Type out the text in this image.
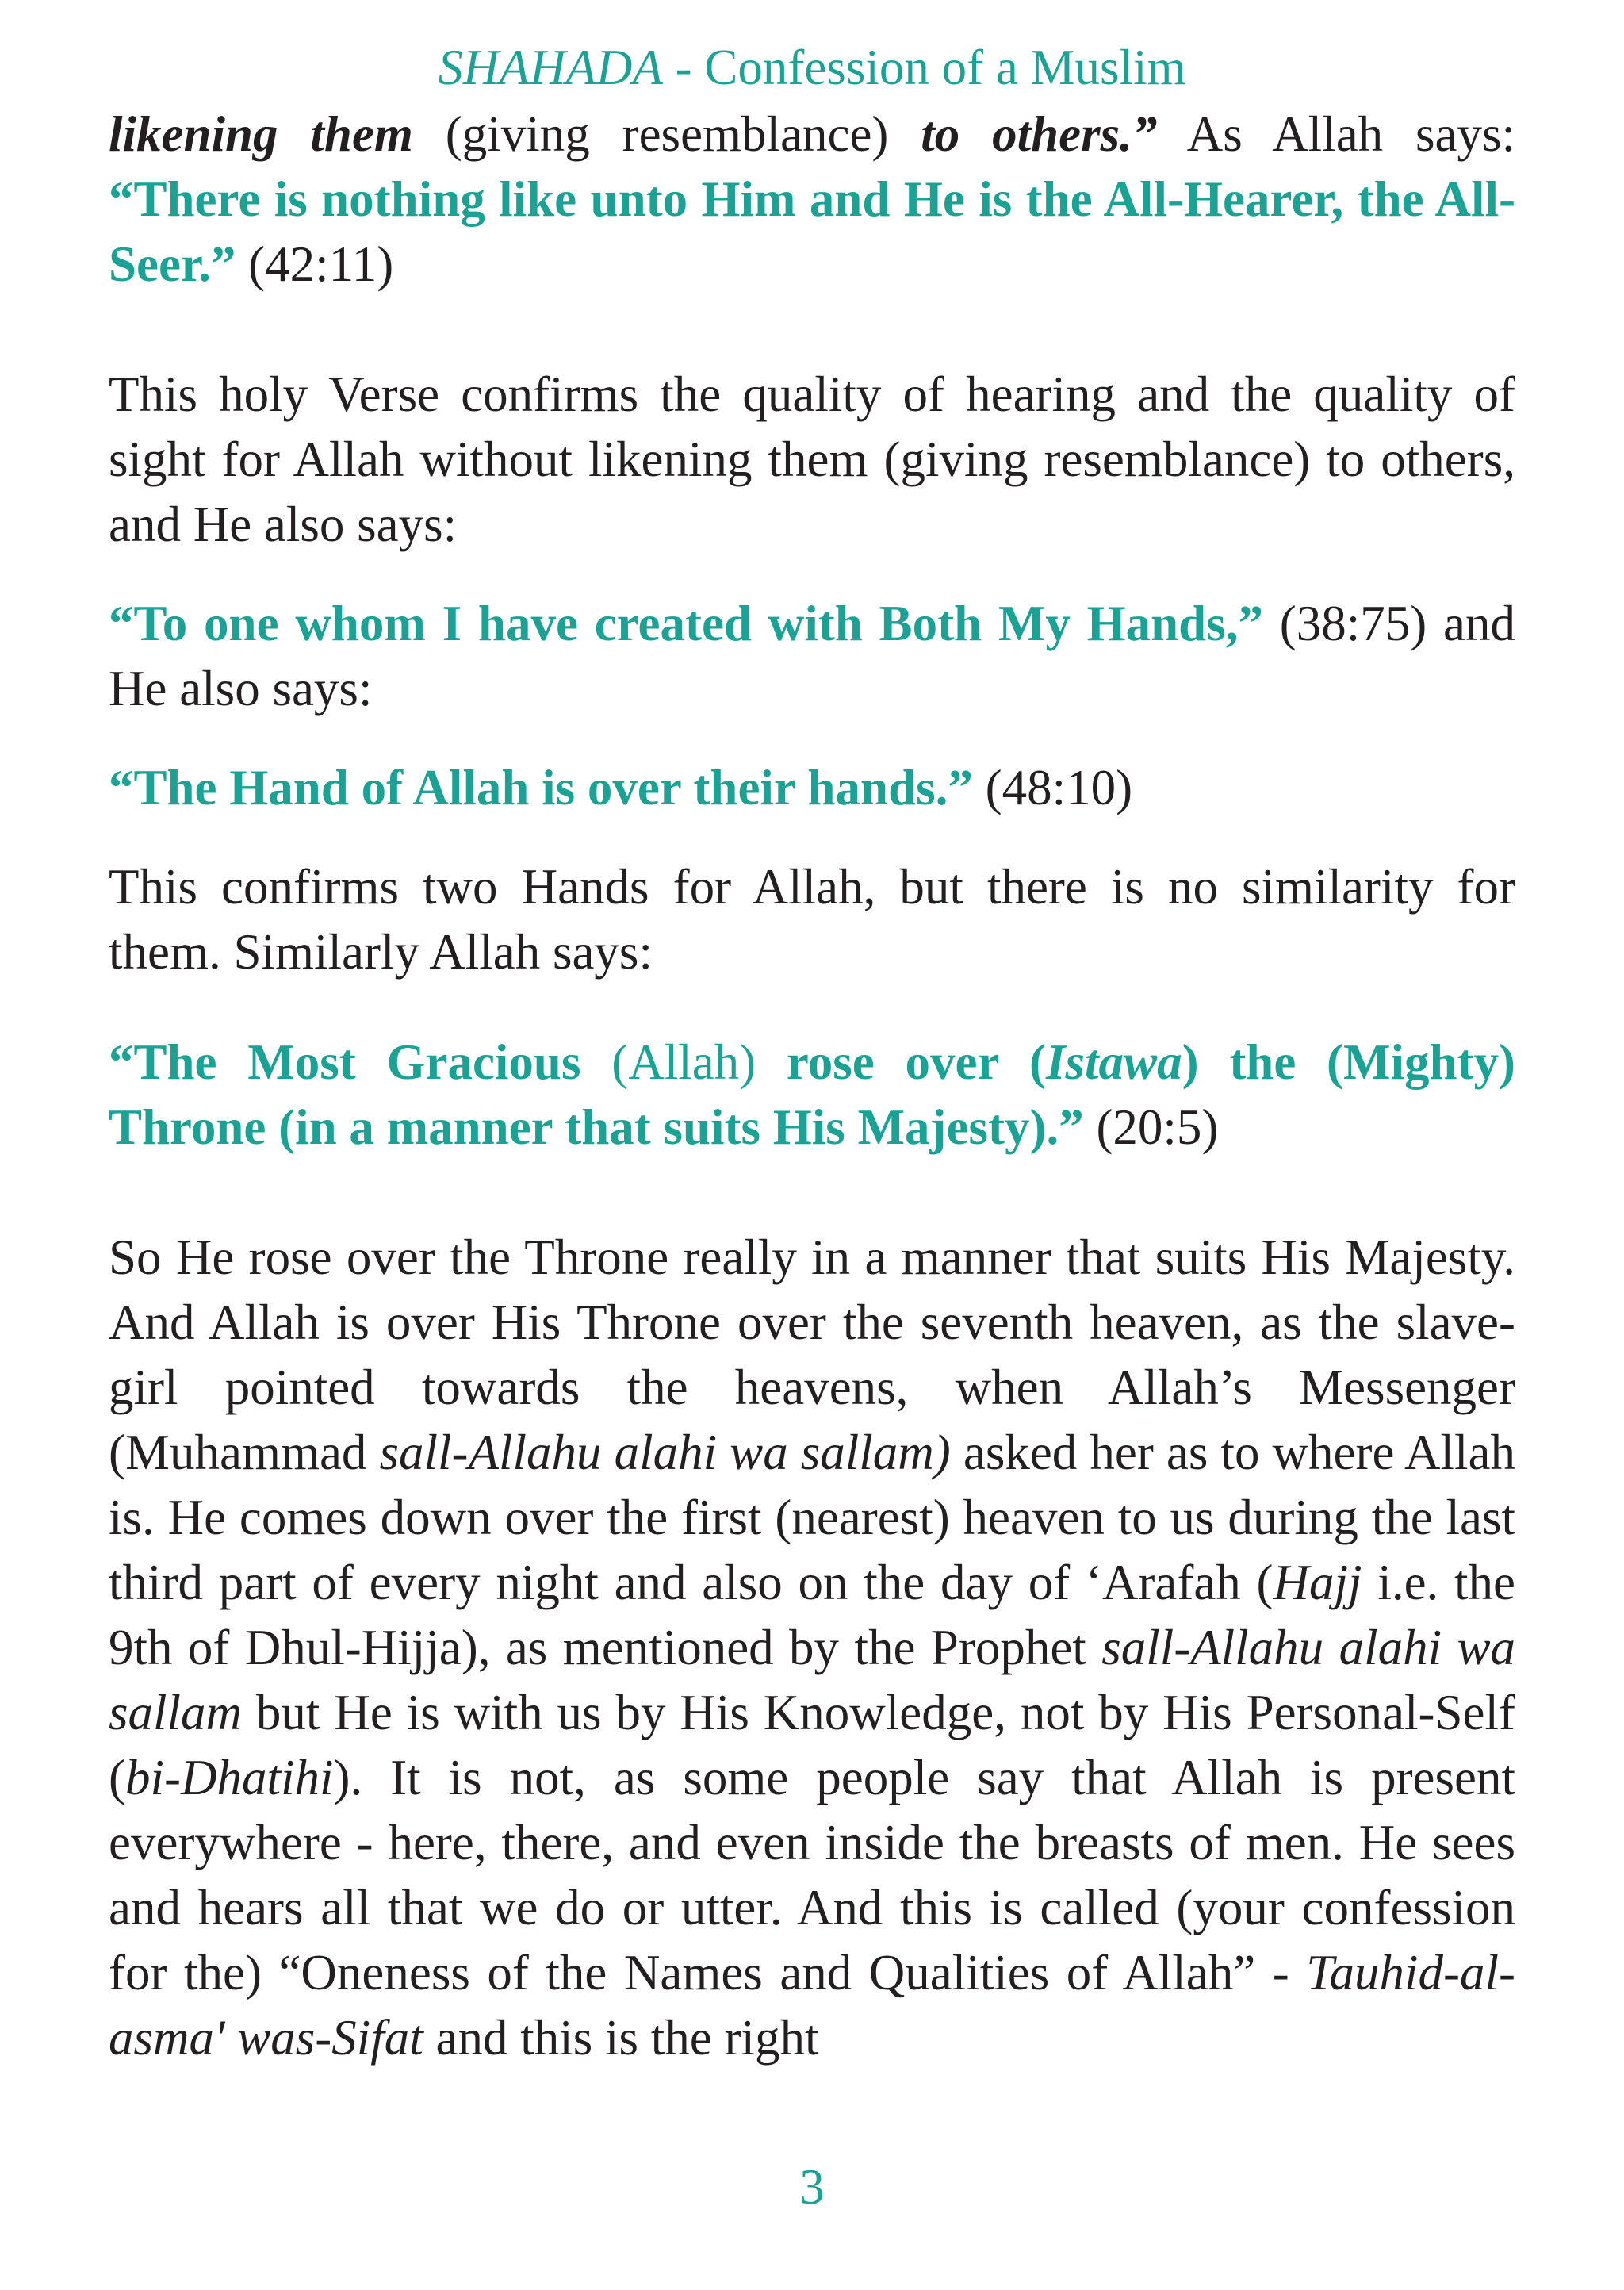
SHAHADA - Confession of a Muslim

likening them (giving resemblance) to others.” As Allah says: “There is nothing like unto Him and He is the All-Hearer, the All-Seer.” (42:11)

This holy Verse confirms the quality of hearing and the quality of sight for Allah without likening them (giving resemblance) to others, and He also says:

“To one whom I have created with Both My Hands,” (38:75) and He also says:

“The Hand of Allah is over their hands.” (48:10)

This confirms two Hands for Allah, but there is no similarity for them. Similarly Allah says:

“The Most Gracious (Allah) rose over (Istawa) the (Mighty) Throne (in a manner that suits His Majesty).” (20:5)

So He rose over the Throne really in a manner that suits His Majesty. And Allah is over His Throne over the seventh heaven, as the slave-girl pointed towards the heavens, when Allah’s Messenger (Muhammad sall-Allahu alahi wa sallam) asked her as to where Allah is. He comes down over the first (nearest) heaven to us during the last third part of every night and also on the day of ‘Arafah (Hajj i.e. the 9th of Dhul-Hijja), as mentioned by the Prophet sall-Allahu alahi wa sallam but He is with us by His Knowledge, not by His Personal-Self (bi-Dhatihi). It is not, as some people say that Allah is present everywhere - here, there, and even inside the breasts of men. He sees and hears all that we do or utter. And this is called (your confession for the) “Oneness of the Names and Qualities of Allah” - Tauhid-al-asma' was-Sifat and this is the right

3
